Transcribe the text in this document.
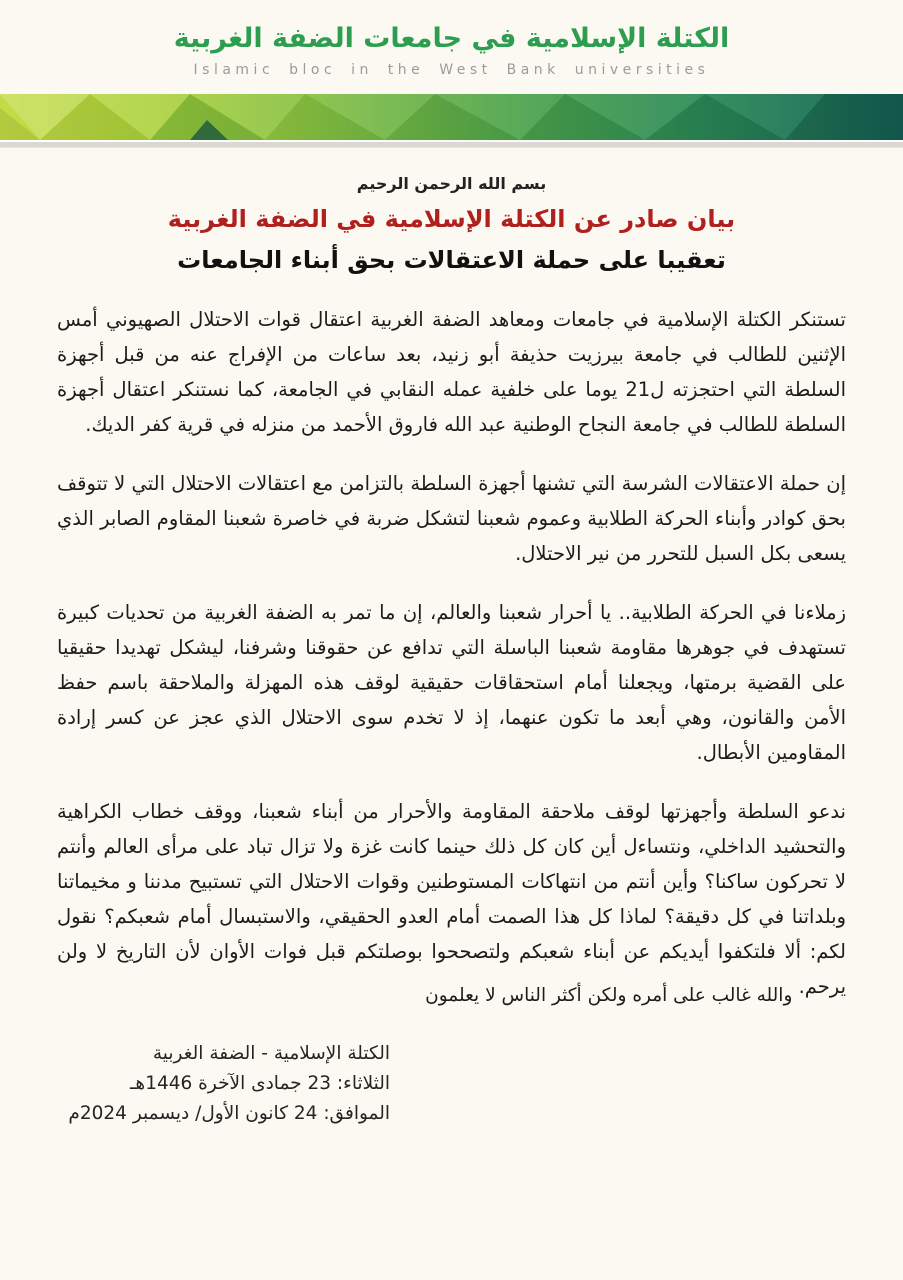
الكتلة الإسلامية في جامعات الضفة الغربية
Islamic bloc in the West Bank universities
بسم الله الرحمن الرحيم
بيان صادر عن الكتلة الإسلامية في الضفة الغربية
تعقيبا على حملة الاعتقالات بحق أبناء الجامعات

تستنكر الكتلة الإسلامية في جامعات ومعاهد الضفة الغربية اعتقال قوات الاحتلال الصهيوني أمس الإثنين للطالب في جامعة بيرزيت حذيفة أبو زنيد، بعد ساعات من الإفراج عنه من قبل أجهزة السلطة التي احتجزته ل21 يوما على خلفية عمله النقابي في الجامعة، كما نستنكر اعتقال أجهزة السلطة للطالب في جامعة النجاح الوطنية عبد الله فاروق الأحمد من منزله في قرية كفر الديك.

إن حملة الاعتقالات الشرسة التي تشنها أجهزة السلطة بالتزامن مع اعتقالات الاحتلال التي لا تتوقف بحق كوادر وأبناء الحركة الطلابية وعموم شعبنا لتشكل ضربة في خاصرة شعبنا المقاوم الصابر الذي يسعى بكل السبل للتحرر من نير الاحتلال.

زملاءنا في الحركة الطلابية.. يا أحرار شعبنا والعالم، إن ما تمر به الضفة الغربية من تحديات كبيرة تستهدف في جوهرها مقاومة شعبنا الباسلة التي تدافع عن حقوقنا وشرفنا، ليشكل تهديدا حقيقيا على القضية برمتها، ويجعلنا أمام استحقاقات حقيقية لوقف هذه المهزلة والملاحقة باسم حفظ الأمن والقانون، وهي أبعد ما تكون عنهما، إذ لا تخدم سوى الاحتلال الذي عجز عن كسر إرادة المقاومين الأبطال.

ندعو السلطة وأجهزتها لوقف ملاحقة المقاومة والأحرار من أبناء شعبنا، ووقف خطاب الكراهية والتحشيد الداخلي، ونتساءل أين كان كل ذلك حينما كانت غزة ولا تزال تباد على مرأى العالم وأنتم لا تحركون ساكنا؟ وأين أنتم من انتهاكات المستوطنين وقوات الاحتلال التي تستبيح مدننا و مخيماتنا وبلداتنا في كل دقيقة؟ لماذا كل هذا الصمت أمام العدو الحقيقي، والاستبسال أمام شعبكم؟ نقول لكم: ألا فلتكفوا أيديكم عن أبناء شعبكم ولتصححوا بوصلتكم قبل فوات الأوان لأن التاريخ لا ولن يرحم. والله غالب على أمره ولكن أكثر الناس لا يعلمون

الكتلة الإسلامية - الضفة الغربية
الثلاثاء: 23 جمادى الآخرة 1446هـ
الموافق: 24 كانون الأول/ ديسمبر 2024م
